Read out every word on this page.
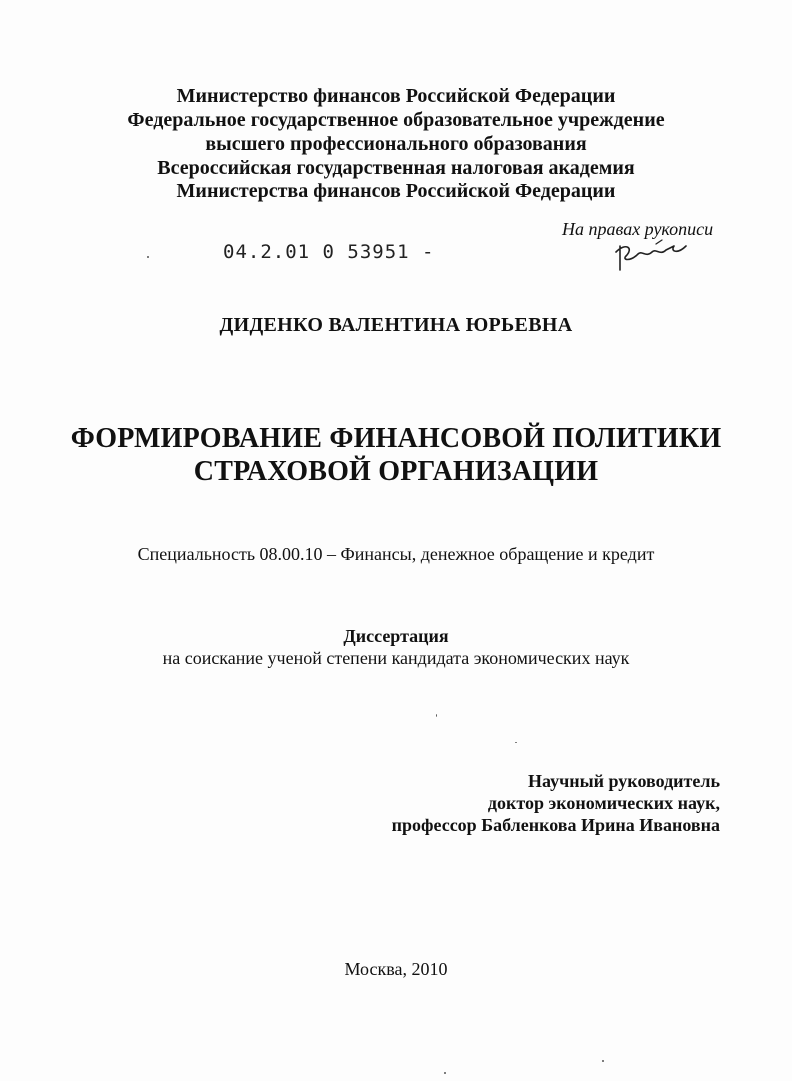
Министерство финансов Российской Федерации
Федеральное государственное образовательное учреждение
высшего профессионального образования
Всероссийская государственная налоговая академия
Министерства финансов Российской Федерации
04.2.01 0 53951 -
На правах рукописи
ДИДЕНКО ВАЛЕНТИНА ЮРЬЕВНА
ФОРМИРОВАНИЕ ФИНАНСОВОЙ ПОЛИТИКИ
СТРАХОВОЙ ОРГАНИЗАЦИИ
Специальность 08.00.10 – Финансы, денежное обращение и кредит
Диссертация
на соискание ученой степени кандидата экономических наук
Научный руководитель
доктор экономических наук,
профессор Бабленкова Ирина Ивановна
Москва, 2010
